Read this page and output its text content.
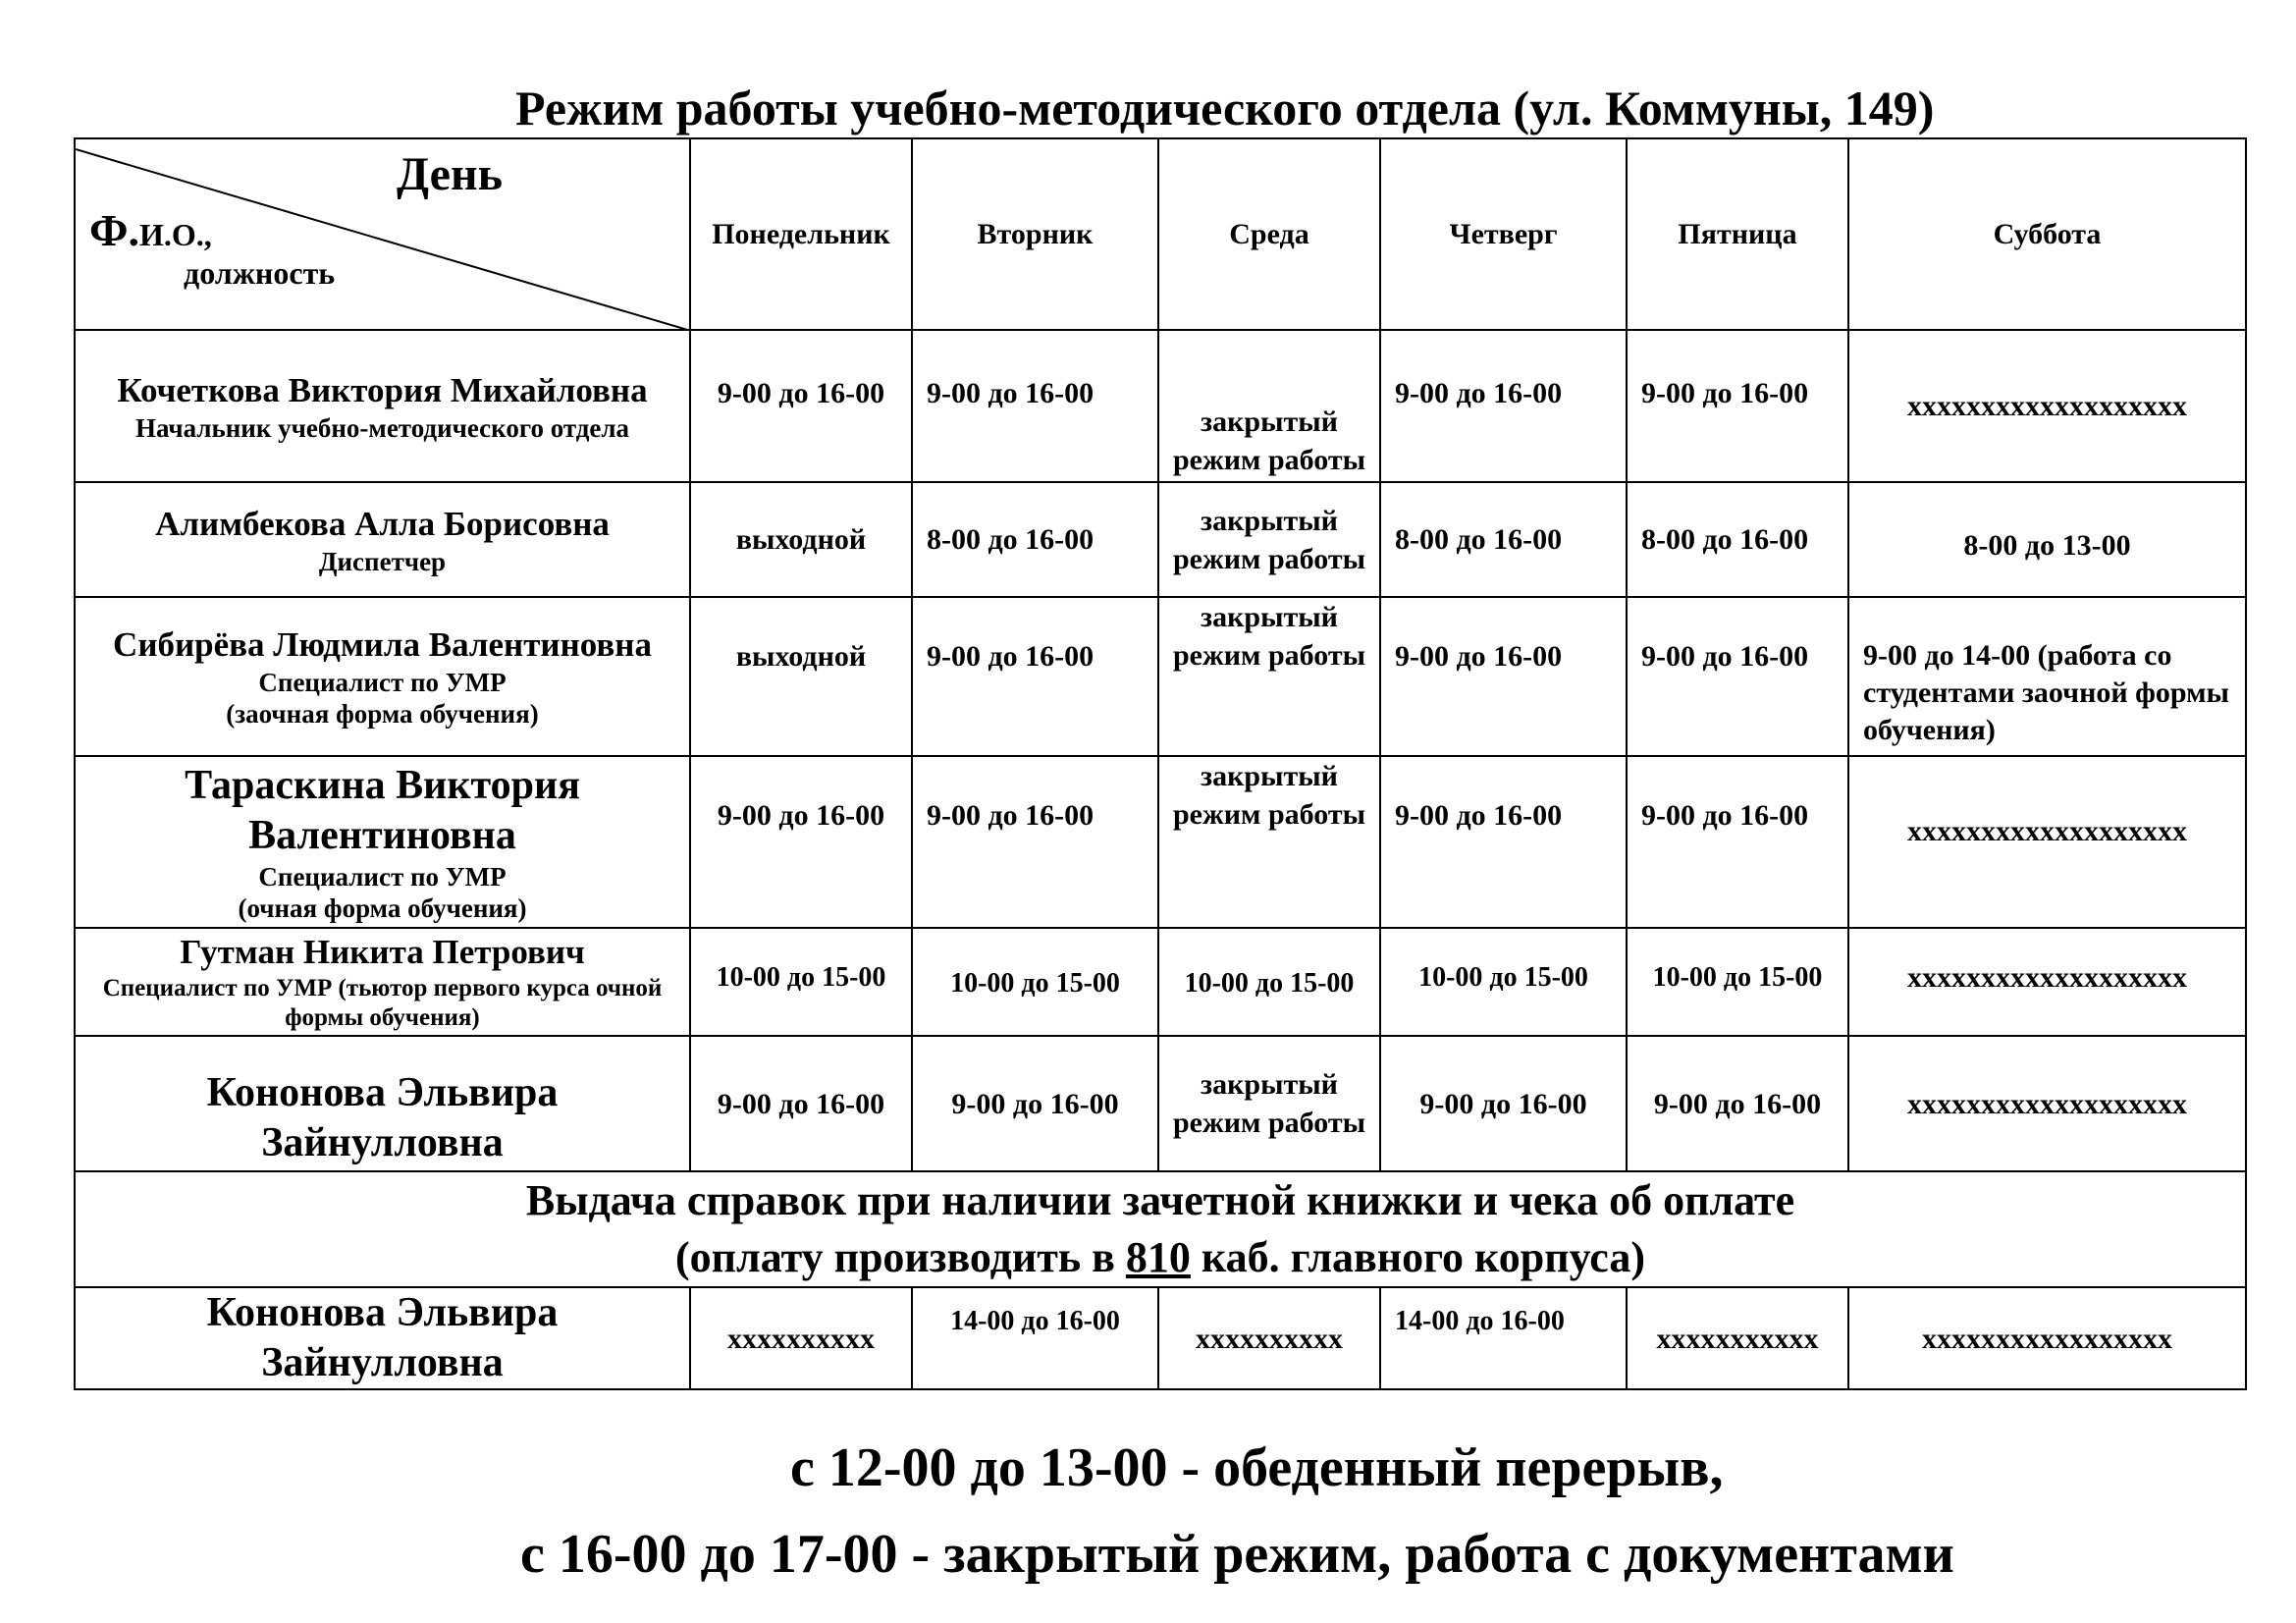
Режим работы учебно-методического отдела (ул. Коммуны, 149)
День
Ф.И.О.,
должность	Понедельник	Вторник	Среда	Четверг	Пятница	Суббота

Кочеткова Виктория Михайловна
Начальник учебно-методического отдела	9-00 до 16-00	9-00 до 16-00	закрытый режим работы	9-00 до 16-00	9-00 до 16-00	xxxxxxxxxxxxxxxxxxx

Алимбекова Алла Борисовна
Диспетчер	выходной	8-00 до 16-00	закрытый режим работы	8-00 до 16-00	8-00 до 16-00	8-00 до 13-00

Сибирёва Людмила Валентиновна
Специалист по УМР
(заочная форма обучения)	выходной	9-00 до 16-00	закрытый режим работы	9-00 до 16-00	9-00 до 16-00	9-00 до 14-00 (работа со студентами заочной формы обучения)

Тараскина Виктория Валентиновна
Специалист по УМР
(очная форма обучения)	9-00 до 16-00	9-00 до 16-00	закрытый режим работы	9-00 до 16-00	9-00 до 16-00	xxxxxxxxxxxxxxxxxxx

Гутман Никита Петрович
Специалист по УМР (тьютор первого курса очной формы обучения)	10-00 до 15-00	10-00 до 15-00	10-00 до 15-00	10-00 до 15-00	10-00 до 15-00	xxxxxxxxxxxxxxxxxxx

Кононова Эльвира Зайнулловна	9-00 до 16-00	9-00 до 16-00	закрытый режим работы	9-00 до 16-00	9-00 до 16-00	xxxxxxxxxxxxxxxxxxx

Выдача справок при наличии зачетной книжки и чека об оплате
(оплату производить в 810 каб. главного корпуса)						

Кононова Эльвира Зайнулловна	xxxxxxxxxx	14-00 до 16-00	xxxxxxxxxx	14-00 до 16-00	xxxxxxxxxxx	xxxxxxxxxxxxxxxxx
с 12-00 до 13-00 - обеденный перерыв,
с 16-00 до 17-00 - закрытый режим, работа с документами
